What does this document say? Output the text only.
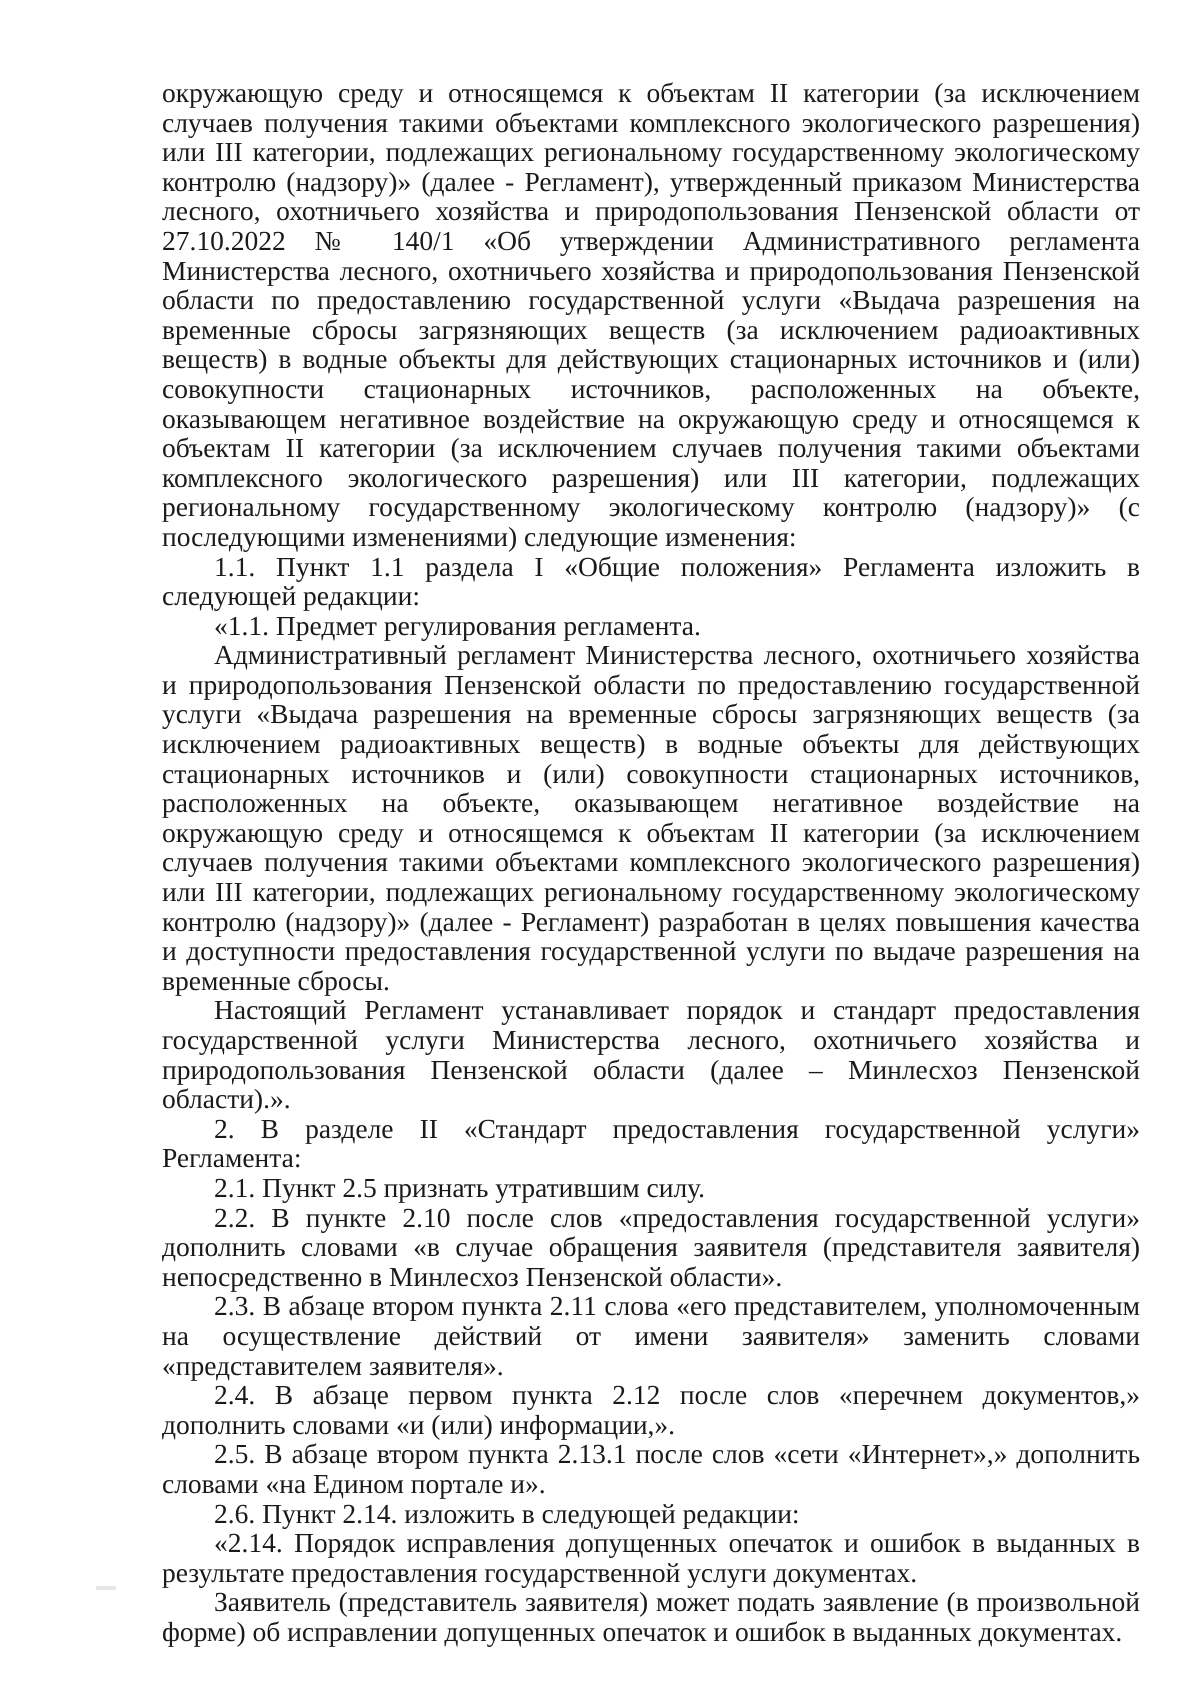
окружающую среду и относящемся к объектам II категории (за исключением случаев получения такими объектами комплексного экологического разрешения) или III категории, подлежащих региональному государственному экологическому контролю (надзору)» (далее - Регламент), утвержденный приказом Министерства лесного, охотничьего хозяйства и природопользования Пензенской области от 27.10.2022 № 140/1 «Об утверждении Административного регламента Министерства лесного, охотничьего хозяйства и природопользования Пензенской области по предоставлению государственной услуги «Выдача разрешения на временные сбросы загрязняющих веществ (за исключением радиоактивных веществ) в водные объекты для действующих стационарных источников и (или) совокупности стационарных источников, расположенных на объекте, оказывающем негативное воздействие на окружающую среду и относящемся к объектам II категории (за исключением случаев получения такими объектами комплексного экологического разрешения) или III категории, подлежащих региональному государственному экологическому контролю (надзору)» (с последующими изменениями) следующие изменения:

1.1. Пункт 1.1 раздела I «Общие положения» Регламента изложить в следующей редакции:

«1.1. Предмет регулирования регламента.

Административный регламент Министерства лесного, охотничьего хозяйства и природопользования Пензенской области по предоставлению государственной услуги «Выдача разрешения на временные сбросы загрязняющих веществ (за исключением радиоактивных веществ) в водные объекты для действующих стационарных источников и (или) совокупности стационарных источников, расположенных на объекте, оказывающем негативное воздействие на окружающую среду и относящемся к объектам II категории (за исключением случаев получения такими объектами комплексного экологического разрешения) или III категории, подлежащих региональному государственному экологическому контролю (надзору)» (далее - Регламент) разработан в целях повышения качества и доступности предоставления государственной услуги по выдаче разрешения на временные сбросы.

Настоящий Регламент устанавливает порядок и стандарт предоставления государственной услуги Министерства лесного, охотничьего хозяйства и природопользования Пензенской области (далее – Минлесхоз Пензенской области).».

2. В разделе II «Стандарт предоставления государственной услуги» Регламента:

2.1. Пункт 2.5 признать утратившим силу.

2.2. В пункте 2.10 после слов «предоставления государственной услуги» дополнить словами «в случае обращения заявителя (представителя заявителя) непосредственно в Минлесхоз Пензенской области».

2.3. В абзаце втором пункта 2.11 слова «его представителем, уполномоченным на осуществление действий от имени заявителя» заменить словами «представителем заявителя».

2.4. В абзаце первом пункта 2.12 после слов «перечнем документов,» дополнить словами «и (или) информации,».

2.5. В абзаце втором пункта 2.13.1 после слов «сети «Интернет»,» дополнить словами «на Едином портале и».

2.6. Пункт 2.14. изложить в следующей редакции:

«2.14. Порядок исправления допущенных опечаток и ошибок в выданных в результате предоставления государственной услуги документах.

Заявитель (представитель заявителя) может подать заявление (в произвольной форме) об исправлении допущенных опечаток и ошибок в выданных документах.
